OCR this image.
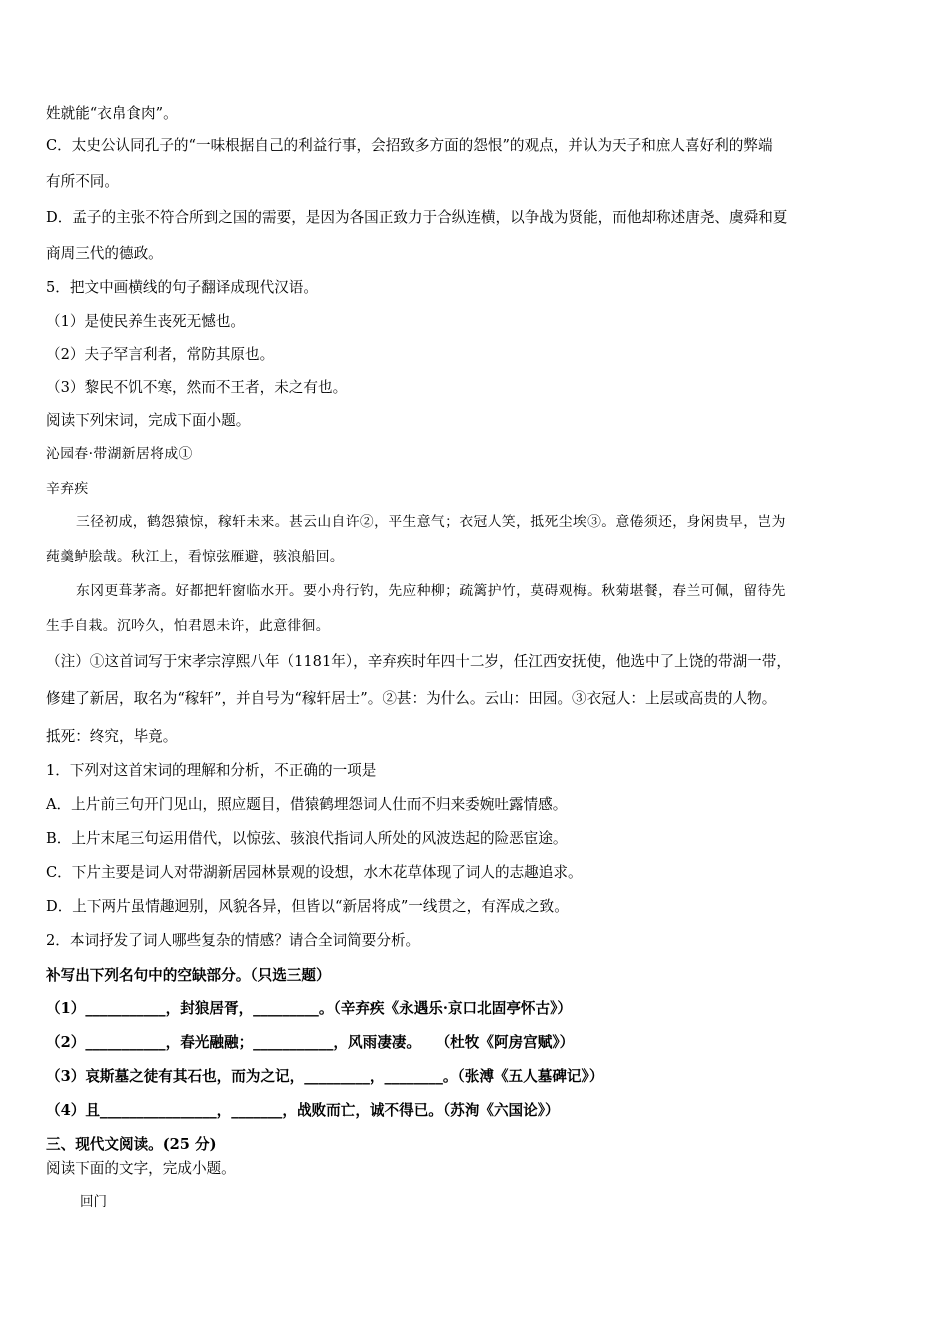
姓就能“衣帛食肉”。
C．太史公认同孔子的“一味根据自己的利益行事，会招致多方面的怨恨”的观点，并认为天子和庶人喜好利的弊端
有所不同。
D．孟子的主张不符合所到之国的需要，是因为各国正致力于合纵连横，以争战为贤能，而他却称述唐尧、虞舜和夏
商周三代的德政。
5．把文中画横线的句子翻译成现代汉语。
（1）是使民养生丧死无憾也。
（2）夫子罕言利者，常防其原也。
（3）黎民不饥不寒，然而不王者，未之有也。
阅读下列宋词，完成下面小题。
沁园春·带湖新居将成①
辛弃疾
三径初成，鹤怨猿惊，稼轩未来。甚云山自许②，平生意气；衣冠人笑，抵死尘埃③。意倦须还，身闲贵早，岂为
莼羹鲈脍哉。秋江上，看惊弦雁避，骇浪船回。
东冈更葺茅斋。好都把轩窗临水开。要小舟行钓，先应种柳；疏篱护竹，莫碍观梅。秋菊堪餐，春兰可佩，留待先
生手自栽。沉吟久，怕君恩未许，此意徘徊。
（注）①这首词写于宋孝宗淳熙八年（1181年），辛弃疾时年四十二岁，任江西安抚使，他选中了上饶的带湖一带，
修建了新居，取名为“稼轩”，并自号为“稼轩居士”。②甚：为什么。云山：田园。③衣冠人：上层或高贵的人物。
抵死：终究，毕竟。
1．下列对这首宋词的理解和分析，不正确的一项是
A．上片前三句开门见山，照应题目，借猿鹤埋怨词人仕而不归来委婉吐露情感。
B．上片末尾三句运用借代，以惊弦、骇浪代指词人所处的风波迭起的险恶宦途。
C．下片主要是词人对带湖新居园林景观的设想，水木花草体现了词人的志趣追求。
D．上下两片虽情趣迥别，风貌各异，但皆以“新居将成”一线贯之，有浑成之致。
2．本词抒发了词人哪些复杂的情感？请合全词简要分析。
补写出下列名句中的空缺部分。（只选三题）
（1）___________，封狼居胥，_________。（辛弃疾《永遇乐·京口北固亭怀古》）
（2）___________，春光融融；___________，风雨凄凄。　　（杜牧《阿房宫赋》）
（3）哀斯墓之徒有其石也，而为之记，_________，________。（张溥《五人墓碑记》）
（4）且________________，_______，战败而亡，诚不得已。（苏洵《六国论》）
三、现代文阅读。(25 分)
阅读下面的文字，完成小题。
回门
